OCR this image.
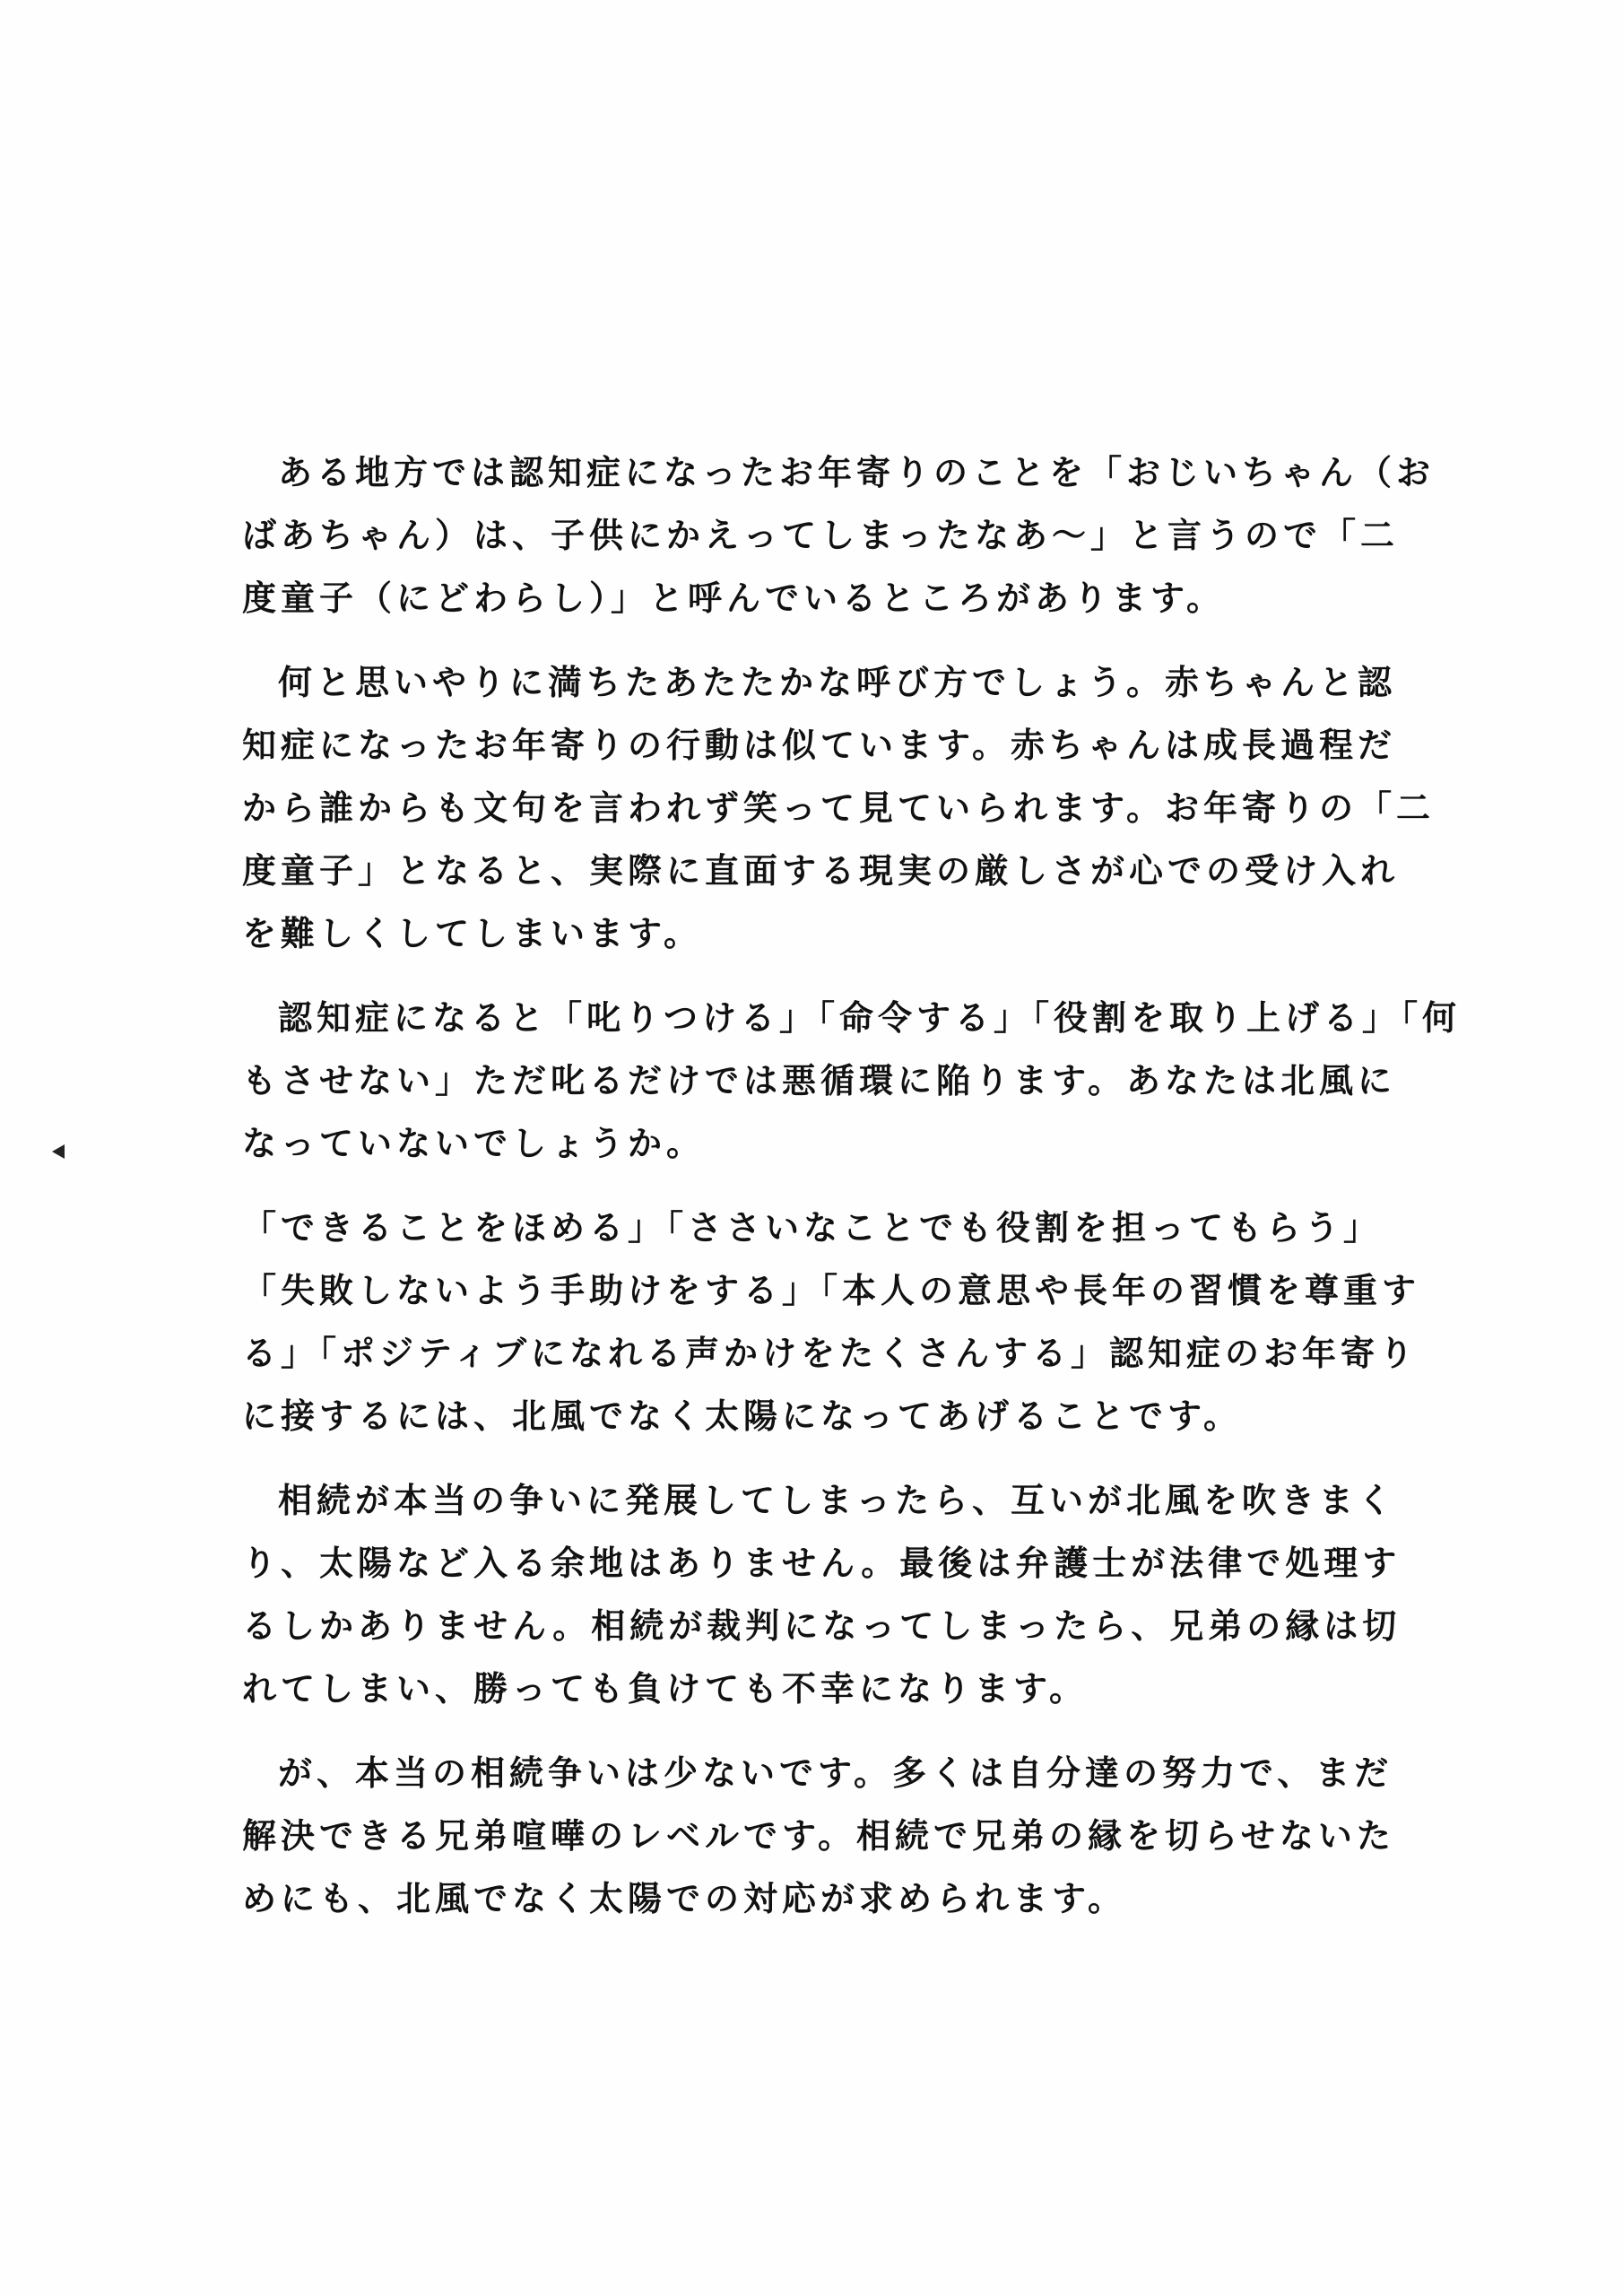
ある地方では認知症になったお年寄りのことを「おじいちゃん（お
ばあちゃん）は、子供にかえってしまったなあ〜」と言うので「二
度童子（にどわらし）」と呼んでいるところがあります。
何と思いやりに満ちたあたたかな呼び方でしょう。赤ちゃんと認
知症になったお年寄りの行動は似ています。赤ちゃんは成長過程だ
から誰からも文句を言われず笑って見ていられます。お年寄りの「二
度童子」となると、実際に直面する現実の厳しさが心での受け入れ
を難しくしてしまいます。
認知症になると「叱りつける」「命令する」「役割を取り上げる」「何
もさせない」ただ叱るだけでは悪循環に陥ります。あなたは北風に
なっていないでしょうか。
「できることをほめる」「ささいなことでも役割を担ってもらう」
「失敗しないよう手助けをする」「本人の意思や長年の習慣を尊重す
る」「ポジティブになれる声かけをたくさんする」認知症のお年寄り
に接するには、北風でなく太陽になってあげることです。
相続が本当の争いに発展してしまったら、互いが北風を吹きまく
り、太陽など入る余地はありません。最後は弁護士が法律で処理す
るしかありません。相続が裁判になってしまったら、兄弟の縁は切
れてしまい、勝っても負けても不幸になります。
が、本当の相続争いは少ないです。多くは自分達の努力で、まだ
解決できる兄弟喧嘩のレベルです。相続で兄弟の縁を切らせないた
めにも、北風でなく太陽での対応が求められます。
